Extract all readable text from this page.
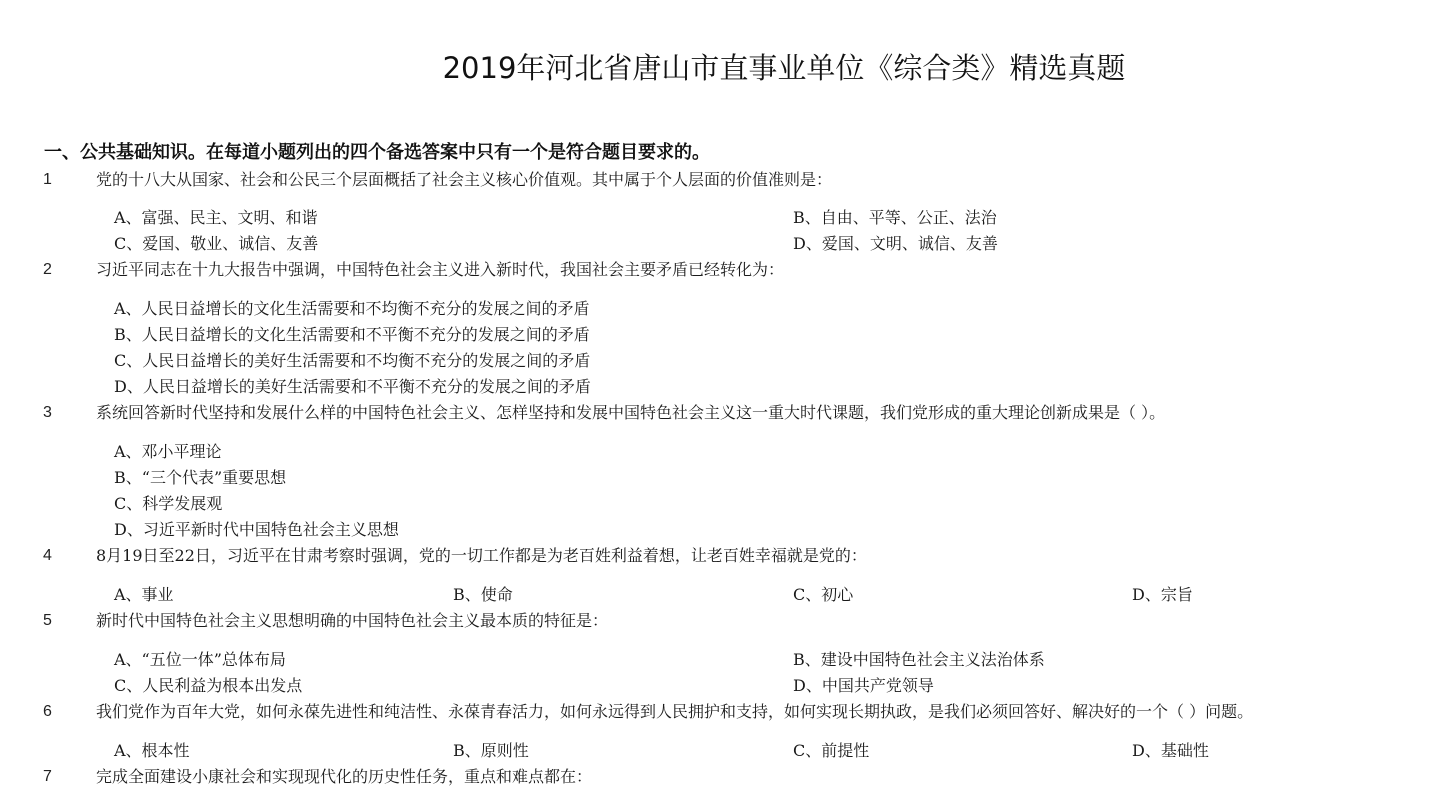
2019年河北省唐山市直事业单位《综合类》精选真题
一、公共基础知识。在每道小题列出的四个备选答案中只有一个是符合题目要求的。
1	党的十八大从国家、社会和公民三个层面概括了社会主义核心价值观。其中属于个人层面的价值准则是：
A、富强、民主、文明、和谐	B、自由、平等、公正、法治
C、爱国、敬业、诚信、友善	D、爱国、文明、诚信、友善
2	习近平同志在十九大报告中强调，中国特色社会主义进入新时代，我国社会主要矛盾已经转化为：
A、人民日益增长的文化生活需要和不均衡不充分的发展之间的矛盾
B、人民日益增长的文化生活需要和不平衡不充分的发展之间的矛盾
C、人民日益增长的美好生活需要和不均衡不充分的发展之间的矛盾
D、人民日益增长的美好生活需要和不平衡不充分的发展之间的矛盾
3	系统回答新时代坚持和发展什么样的中国特色社会主义、怎样坚持和发展中国特色社会主义这一重大时代课题，我们党形成的重大理论创新成果是（ ）。
A、邓小平理论
B、“三个代表”重要思想
C、科学发展观
D、习近平新时代中国特色社会主义思想
4	8月19日至22日，习近平在甘肃考察时强调，党的一切工作都是为老百姓利益着想，让老百姓幸福就是党的：
A、事业	B、使命	C、初心	D、宗旨
5	新时代中国特色社会主义思想明确的中国特色社会主义最本质的特征是：
A、“五位一体”总体布局	B、建设中国特色社会主义法治体系
C、人民利益为根本出发点	D、中国共产党领导
6	我们党作为百年大党，如何永葆先进性和纯洁性、永葆青春活力，如何永远得到人民拥护和支持，如何实现长期执政，是我们必须回答好、解决好的一个（ ）问题。
A、根本性	B、原则性	C、前提性	D、基础性
7	完成全面建设小康社会和实现现代化的历史性任务，重点和难点都在：
